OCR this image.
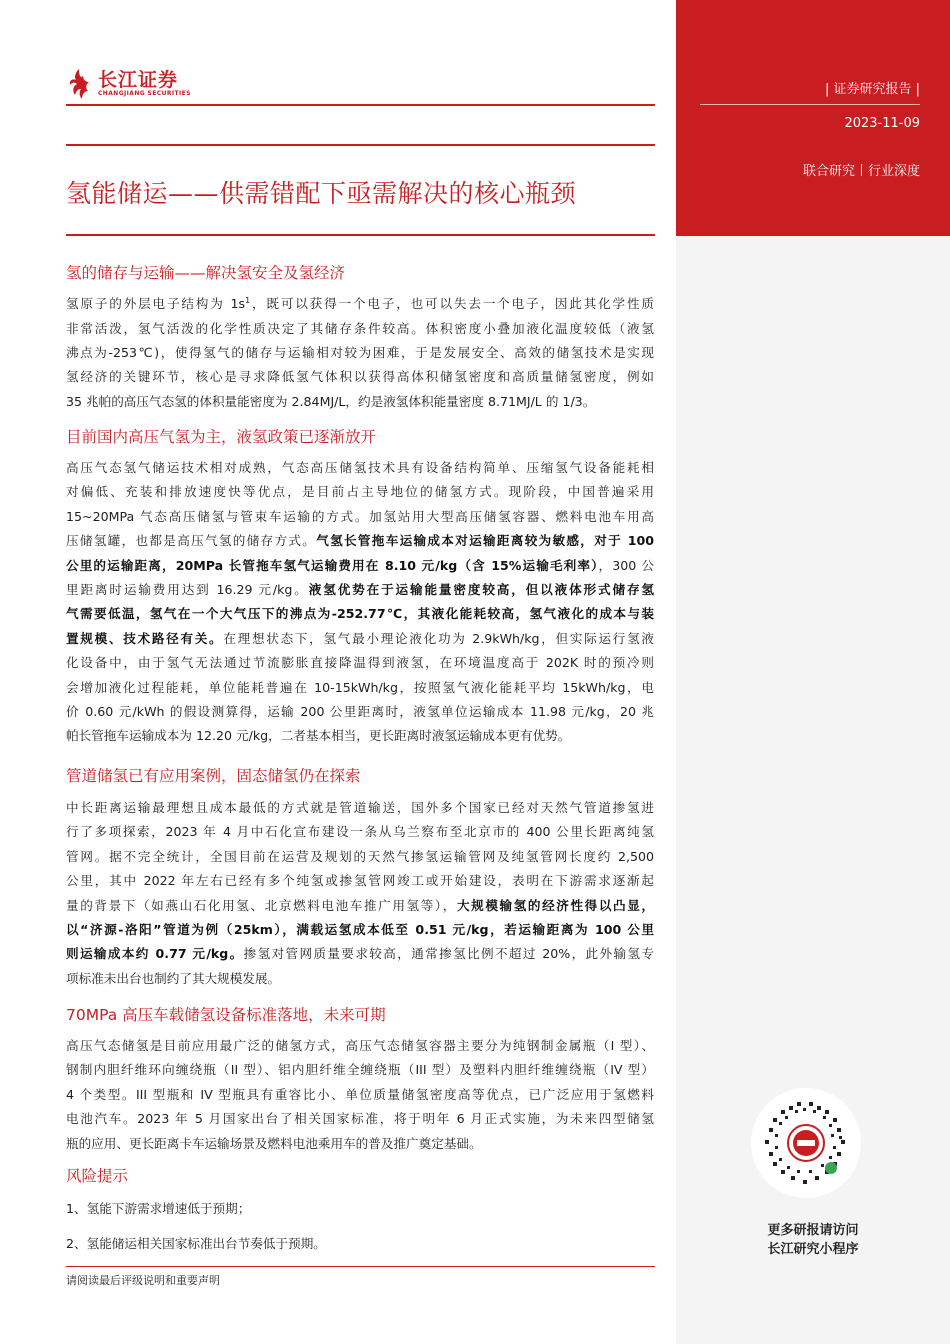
长江证券
CHANGJIANG SECURITIES
氢能储运——供需错配下亟需解决的核心瓶颈
氢的储存与运输——解决氢安全及氢经济
氢原子的外层电子结构为 $1s^1$，既可以获得一个电子，也可以失去一个电子，因此其化学性质
非常活泼，氢气活泼的化学性质决定了其储存条件较高。体积密度小叠加液化温度较低（液氢
沸点为-253℃)，使得氢气的储存与运输相对较为困难，于是发展安全、高效的储氢技术是实现
氢经济的关键环节，核心是寻求降低氢气体积以获得高体积储氢密度和高质量储氢密度，例如
35 兆帕的高压气态氢的体积量能密度为 2.84MJ/L，约是液氢体积能量密度 8.71MJ/L 的 1/3。
目前国内高压气氢为主，液氢政策已逐渐放开
高压气态氢气储运技术相对成熟，气态高压储氢技术具有设备结构简单、压缩氢气设备能耗相
对偏低、充装和排放速度快等优点，是目前占主导地位的储氢方式。现阶段，中国普遍采用
15~20MPa 气态高压储氢与管束车运输的方式。加氢站用大型高压储氢容器、燃料电池车用高
压储氢罐，也都是高压气氢的储存方式。气氢长管拖车运输成本对运输距离较为敏感，对于 100
公里的运输距离，20MPa 长管拖车氢气运输费用在 8.10 元/kg（含 15%运输毛利率），300 公
里距离时运输费用达到 16.29 元/kg。液氢优势在于运输能量密度较高，但以液体形式储存氢
气需要低温，氢气在一个大气压下的沸点为-252.77℃，其液化能耗较高，氢气液化的成本与装
置规模、技术路径有关。在理想状态下，氢气最小理论液化功为 2.9kWh/kg，但实际运行氢液
化设备中，由于氢气无法通过节流膨胀直接降温得到液氢，在环境温度高于 202K 时的预冷则
会增加液化过程能耗，单位能耗普遍在 10-15kWh/kg，按照氢气液化能耗平均 15kWh/kg，电
价 0.60 元/kWh 的假设测算得，运输 200 公里距离时，液氢单位运输成本 11.98 元/kg，20 兆
帕长管拖车运输成本为 12.20 元/kg，二者基本相当，更长距离时液氢运输成本更有优势。
管道储氢已有应用案例，固态储氢仍在探索
中长距离运输最理想且成本最低的方式就是管道输送，国外多个国家已经对天然气管道掺氢进
行了多项探索，2023 年 4 月中石化宣布建设一条从乌兰察布至北京市的 400 公里长距离纯氢
管网。据不完全统计，全国目前在运营及规划的天然气掺氢运输管网及纯氢管网长度约 2,500
公里，其中 2022 年左右已经有多个纯氢或掺氢管网竣工或开始建设，表明在下游需求逐渐起
量的背景下（如燕山石化用氢、北京燃料电池车推广用氢等），大规模输氢的经济性得以凸显，
以“济源-洛阳”管道为例（25km），满载运氢成本低至 0.51 元/kg，若运输距离为 100 公里
则运输成本约 0.77 元/kg。掺氢对管网质量要求较高，通常掺氢比例不超过 20%，此外输氢专
项标准未出台也制约了其大规模发展。
70MPa 高压车载储氢设备标准落地，未来可期
高压气态储氢是目前应用最广泛的储氢方式，高压气态储氢容器主要分为纯钢制金属瓶（I 型）、
钢制内胆纤维环向缠绕瓶（II 型）、铝内胆纤维全缠绕瓶（III 型）及塑料内胆纤维缠绕瓶（IV 型）
4 个类型。III 型瓶和 IV 型瓶具有重容比小、单位质量储氢密度高等优点，已广泛应用于氢燃料
电池汽车。2023 年 5 月国家出台了相关国家标准，将于明年 6 月正式实施，为未来四型储氢
瓶的应用、更长距离卡车运输场景及燃料电池乘用车的普及推广奠定基础。
风险提示
1、氢能下游需求增速低于预期；
2、氢能储运相关国家标准出台节奏低于预期。
请阅读最后评级说明和重要声明
| 证券研究报告 |
2023-11-09
联合研究丨行业深度
更多研报请访问
长江研究小程序
